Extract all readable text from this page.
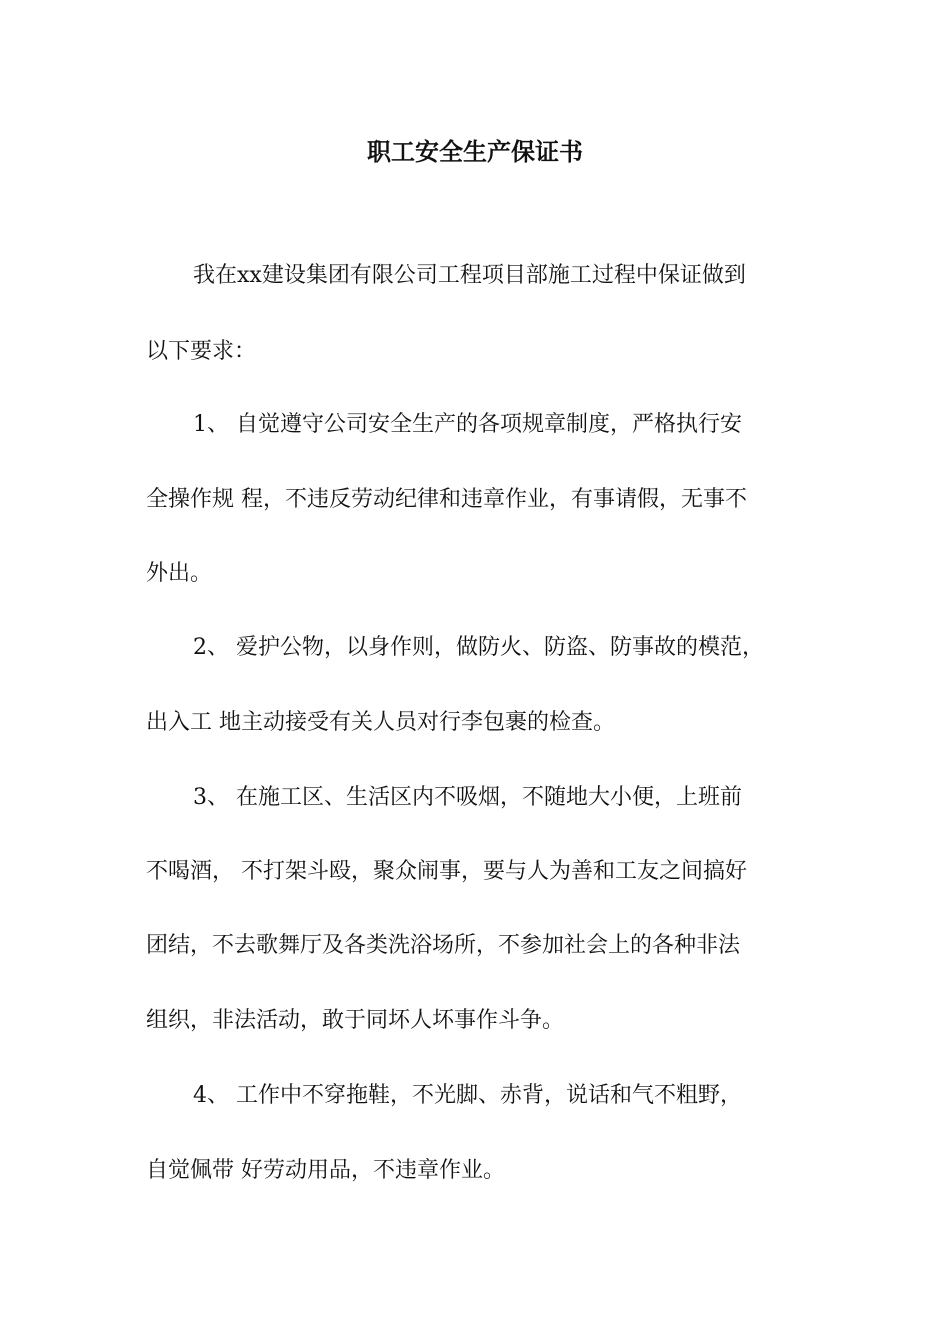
职工安全生产保证书
我在xx建设集团有限公司工程项目部施工过程中保证做到
以下要求：
1、 自觉遵守公司安全生产的各项规章制度，严格执行安
全操作规 程，不违反劳动纪律和违章作业，有事请假，无事不
外出。
2、 爱护公物，以身作则，做防火、防盗、防事故的模范，
出入工 地主动接受有关人员对行李包裹的检查。
3、 在施工区、生活区内不吸烟，不随地大小便，上班前
不喝酒， 不打架斗殴，聚众闹事，要与人为善和工友之间搞好
团结，不去歌舞厅及各类洗浴场所，不参加社会上的各种非法
组织，非法活动，敢于同坏人坏事作斗争。
4、 工作中不穿拖鞋，不光脚、赤背，说话和气不粗野，
自觉佩带 好劳动用品，不违章作业。
